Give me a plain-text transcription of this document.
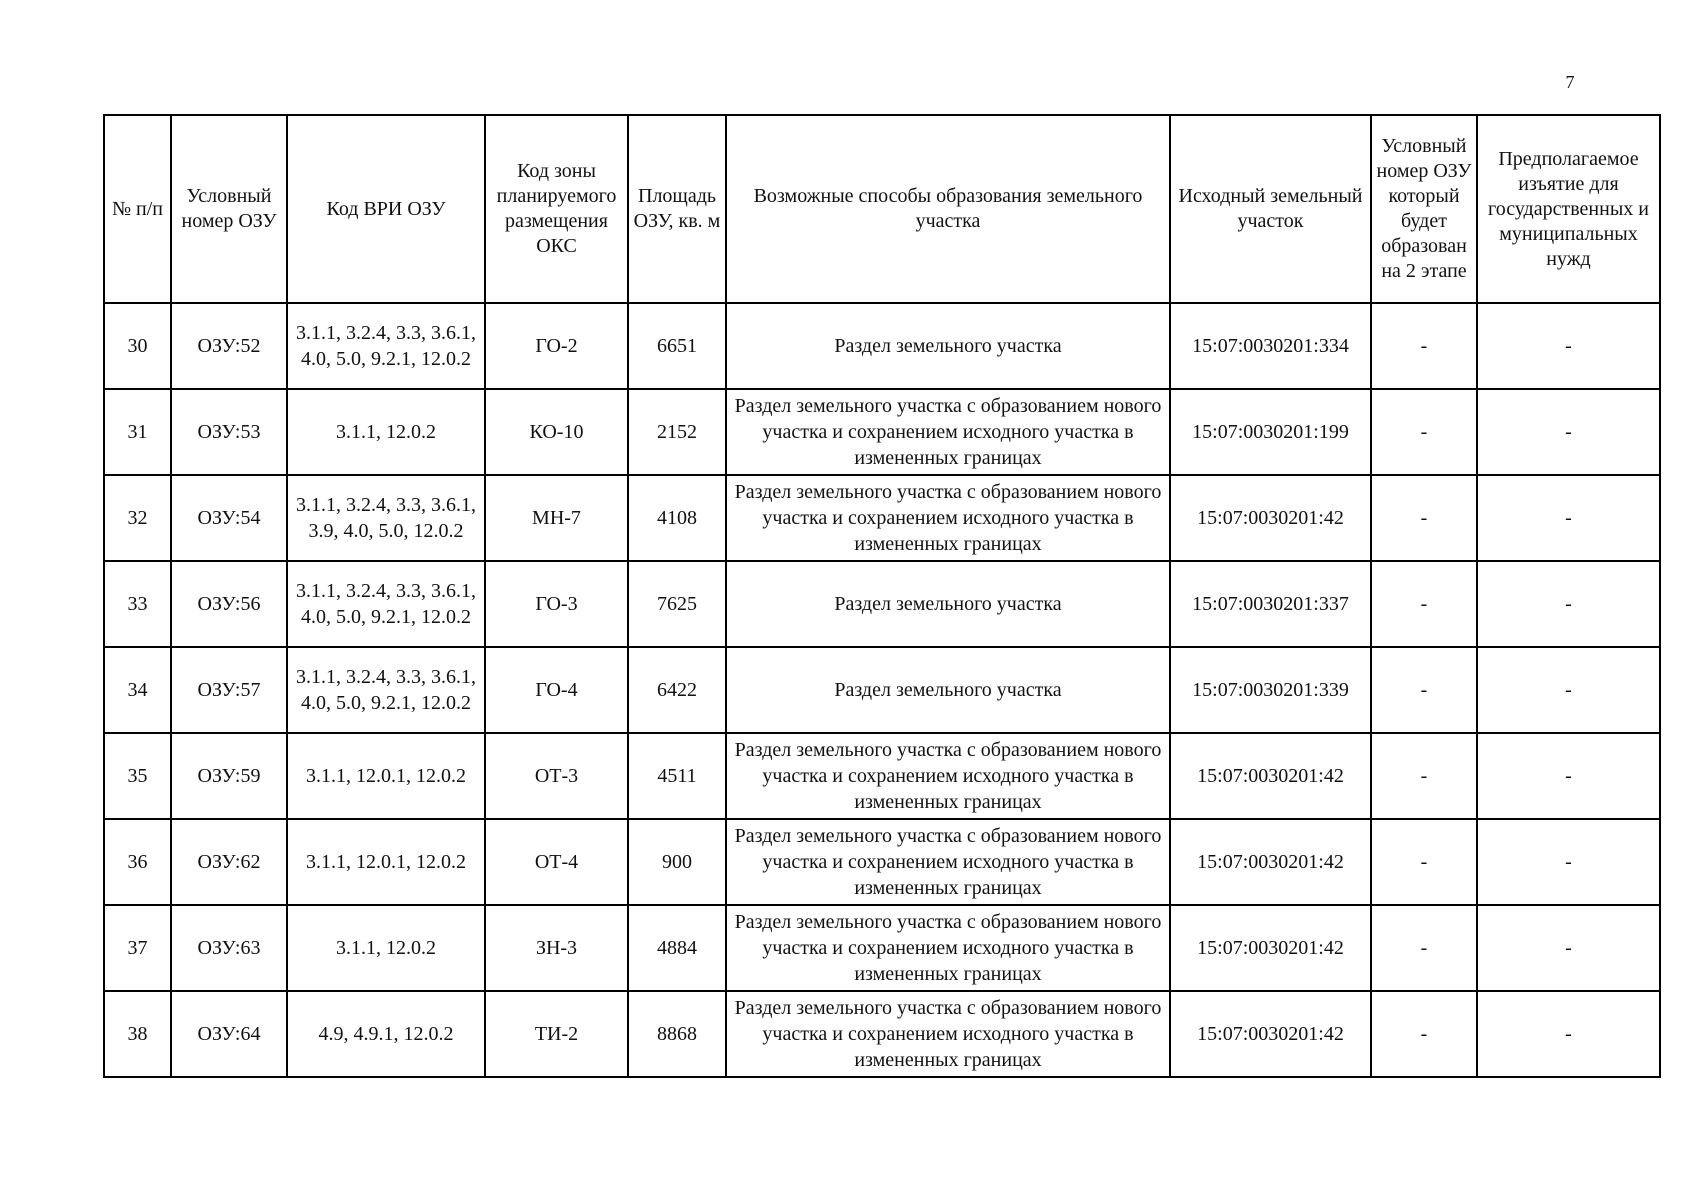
7
№ п/п	Условный номер ОЗУ	Код ВРИ ОЗУ	Код зоны планируемого размещения ОКС	Площадь ОЗУ, кв. м	Возможные способы образования земельного участка	Исходный земельный участок	Условный номер ОЗУ который будет образован на 2 этапе	Предполагаемое изъятие для государственных и муниципальных нужд
30	ОЗУ:52	3.1.1, 3.2.4, 3.3, 3.6.1, 4.0, 5.0, 9.2.1, 12.0.2	ГО-2	6651	Раздел земельного участка	15:07:0030201:334	-	-
31	ОЗУ:53	3.1.1, 12.0.2	КО-10	2152	Раздел земельного участка с образованием нового участка и сохранением исходного участка в измененных границах	15:07:0030201:199	-	-
32	ОЗУ:54	3.1.1, 3.2.4, 3.3, 3.6.1, 3.9, 4.0, 5.0, 12.0.2	МН-7	4108	Раздел земельного участка с образованием нового участка и сохранением исходного участка в измененных границах	15:07:0030201:42	-	-
33	ОЗУ:56	3.1.1, 3.2.4, 3.3, 3.6.1, 4.0, 5.0, 9.2.1, 12.0.2	ГО-3	7625	Раздел земельного участка	15:07:0030201:337	-	-
34	ОЗУ:57	3.1.1, 3.2.4, 3.3, 3.6.1, 4.0, 5.0, 9.2.1, 12.0.2	ГО-4	6422	Раздел земельного участка	15:07:0030201:339	-	-
35	ОЗУ:59	3.1.1, 12.0.1, 12.0.2	ОТ-3	4511	Раздел земельного участка с образованием нового участка и сохранением исходного участка в измененных границах	15:07:0030201:42	-	-
36	ОЗУ:62	3.1.1, 12.0.1, 12.0.2	ОТ-4	900	Раздел земельного участка с образованием нового участка и сохранением исходного участка в измененных границах	15:07:0030201:42	-	-
37	ОЗУ:63	3.1.1, 12.0.2	ЗН-3	4884	Раздел земельного участка с образованием нового участка и сохранением исходного участка в измененных границах	15:07:0030201:42	-	-
38	ОЗУ:64	4.9, 4.9.1, 12.0.2	ТИ-2	8868	Раздел земельного участка с образованием нового участка и сохранением исходного участка в измененных границах	15:07:0030201:42	-	-
